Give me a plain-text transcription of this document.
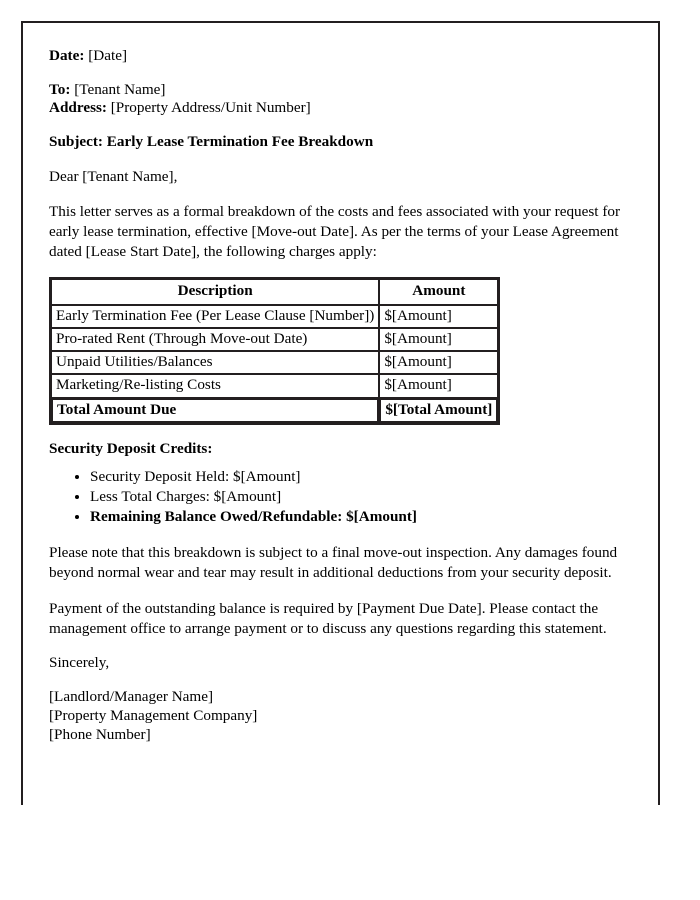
Date: [Date]

To: [Tenant Name]

Address: [Property Address/Unit Number]

Subject: Early Lease Termination Fee Breakdown

Dear [Tenant Name],

This letter serves as a formal breakdown of the costs and fees associated with your request for early lease termination, effective [Move-out Date]. As per the terms of your Lease Agreement dated [Lease Start Date], the following charges apply:

Description	Amount
Early Termination Fee (Per Lease Clause [Number])	$[Amount]
Pro-rated Rent (Through Move-out Date)	$[Amount]
Unpaid Utilities/Balances	$[Amount]
Marketing/Re-listing Costs	$[Amount]
Total Amount Due	$[Total Amount]

Security Deposit Credits:

• Security Deposit Held: $[Amount]
• Less Total Charges: $[Amount]
• Remaining Balance Owed/Refundable: $[Amount]

Please note that this breakdown is subject to a final move-out inspection. Any damages found beyond normal wear and tear may result in additional deductions from your security deposit.

Payment of the outstanding balance is required by [Payment Due Date]. Please contact the management office to arrange payment or to discuss any questions regarding this statement.

Sincerely,

[Landlord/Manager Name]

[Property Management Company]

[Phone Number]
